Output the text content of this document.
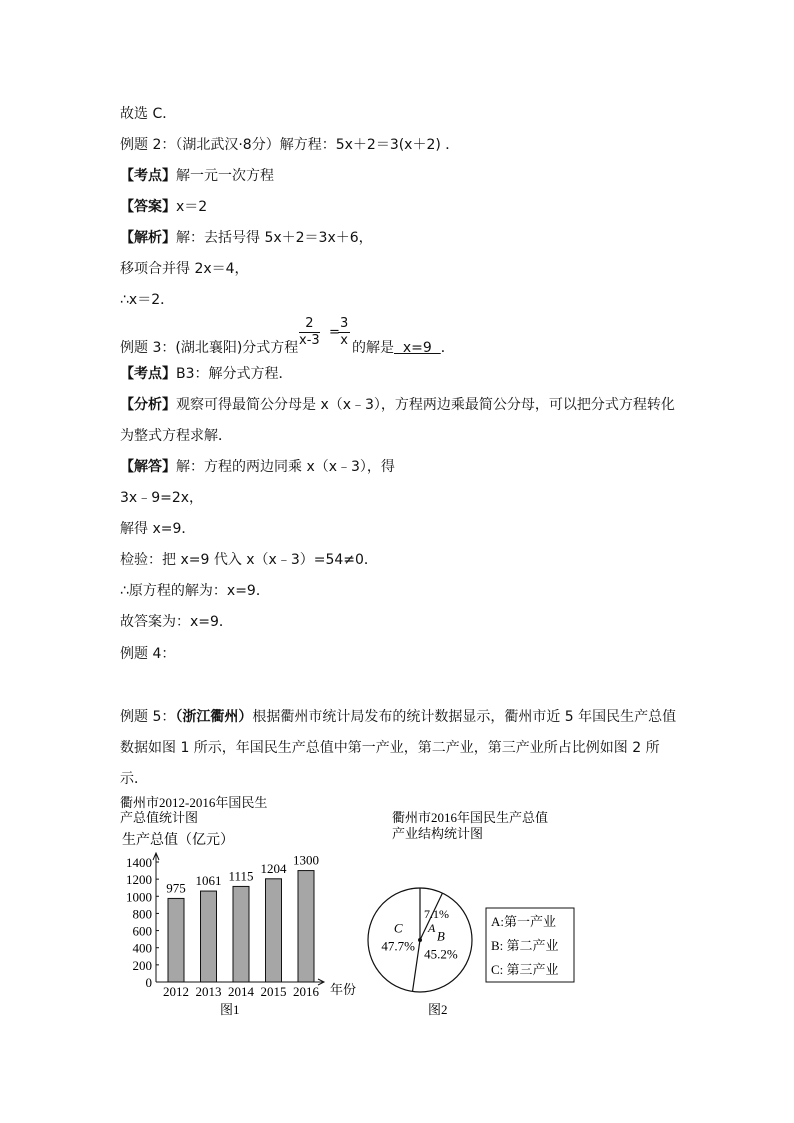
故选 C．
例题 2：（湖北武汉·8分）解方程：5x＋2＝3(x＋2) ．
【考点】解一元一次方程
【答案】x＝2
【解析】解：去括号得 5x＋2＝3x＋6，
移项合并得 2x＝4，
∴x＝2．
例题 3：(湖北襄阳)分式方程 $\frac{2}{x-3}$ =
$\frac{3}{x}$ 的解是  x=9  ．
【考点】B3：解分式方程．
【分析】观察可得最简公分母是 x（x﹣3），方程两边乘最简公分母，可以把分式方程转化
为整式方程求解．
【解答】解：方程的两边同乘 x（x﹣3），得
3x﹣9=2x，
解得 x=9．
检验：把 x=9 代入 x（x﹣3）=54≠0．
∴原方程的解为：x=9．
故答案为：x=9．
例题 4：
例题 5：（浙江衢州）根据衢州市统计局发布的统计数据显示，衢州市近 5 年国民生产总值
数据如图 1 所示，年国民生产总值中第一产业，第二产业，第三产业所占比例如图 2 所
示．
衢州市2012-2016年国民生
产总值统计图
生产总值（亿元）
0
200
400
600
800
1000
1200
1400
975
2012
1061
2013
1115
2014
1204
2015
1300
2016 年份
图1
衢州市2016年国民生产总值
产业结构统计图
7.1%
A
B
45.2%
C
47.7%
A:第一产业
B: 第二产业
C: 第三产业
图2
